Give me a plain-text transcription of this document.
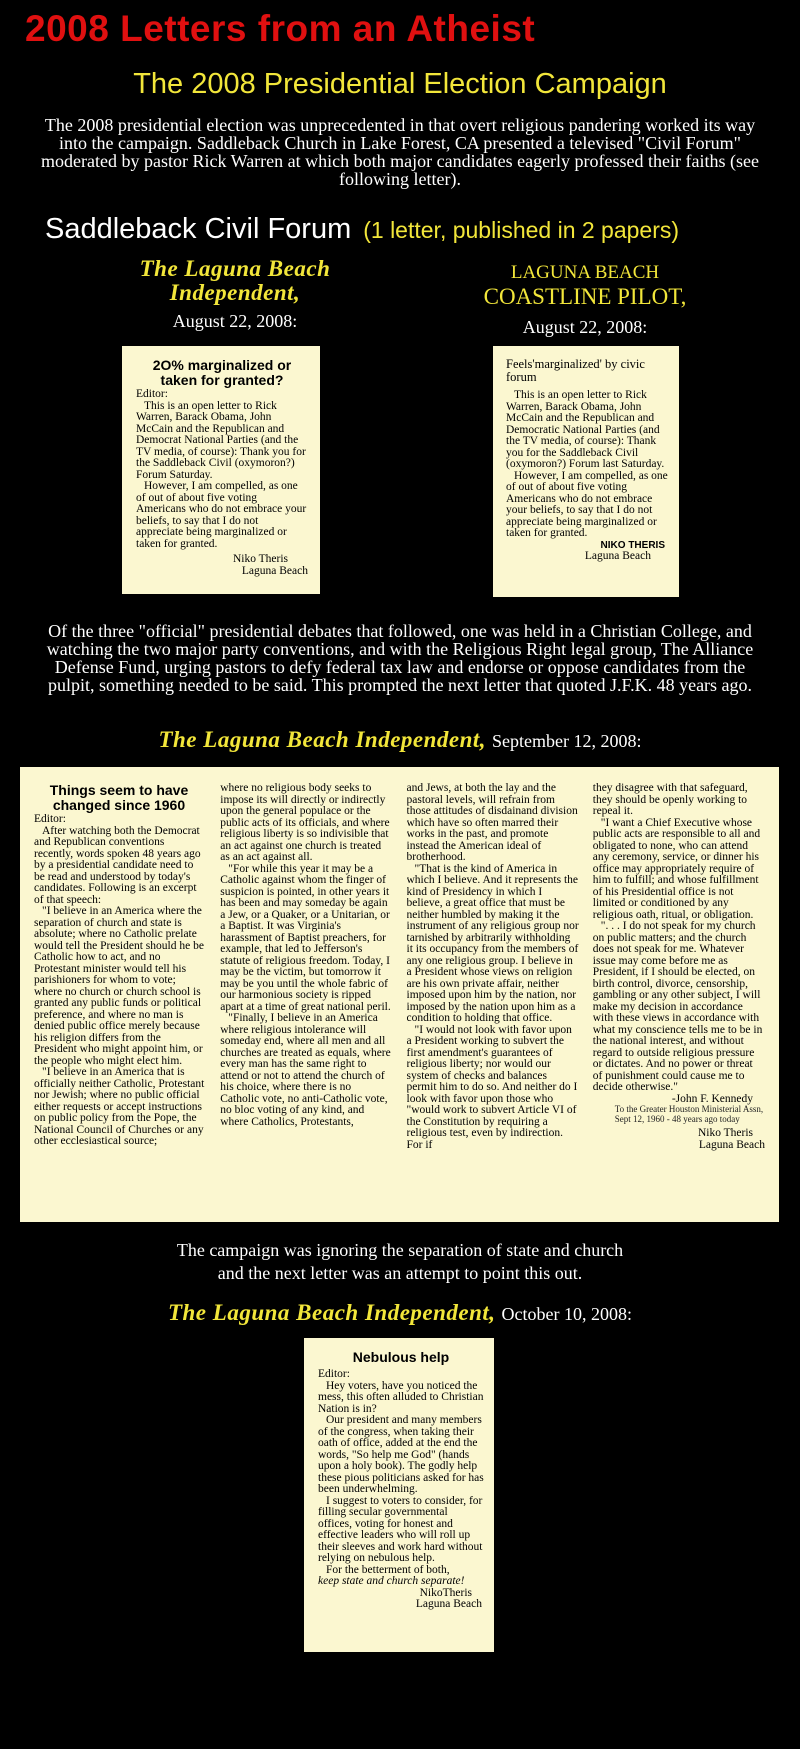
2008 Letters from an Atheist
The 2008 Presidential Election Campaign
The 2008 presidential election was unprecedented in that overt religious pandering worked its way into the campaign. Saddleback Church in Lake Forest, CA presented a televised "Civil Forum" moderated by pastor Rick Warren at which both major candidates eagerly professed their faiths (see following letter).
Saddleback Civil Forum (1 letter, published in 2 papers)
The Laguna Beach
Independent,
August 22, 2008:
2O% marginalized or taken for granted?

Editor:

This is an open letter to Rick Warren, Barack Obama, John McCain and the Republican and Democrat National Parties (and the TV media, of course): Thank you for the Saddleback Civil (oxymoron?) Forum Saturday.

However, I am compelled, as one of out of about five voting Americans who do not embrace your beliefs, to say that I do not appreciate being marginalized or taken for granted.

Niko Theris

Laguna Beach

LAGUNA BEACH
COASTLINE PILOT,
August 22, 2008:

Feels'marginalized' by civic forum

This is an open letter to Rick Warren, Barack Obama, John McCain and the Republican and Democratic National Parties (and the TV media, of course): Thank you for the Saddleback Civil (oxymoron?) Forum last Saturday.

However, I am compelled, as one of out of about five voting Americans who do not embrace your beliefs, to say that I do not appreciate being marginalized or taken for granted.

NIKO THERIS

Laguna Beach

Of the three "official" presidential debates that followed, one was held in a Christian College, and watching the two major party conventions, and with the Religious Right legal group, The Alliance Defense Fund, urging pastors to defy federal tax law and endorse or oppose candidates from the pulpit, something needed to be said. This prompted the next letter that quoted J.F.K. 48 years ago.
The Laguna Beach Independent, September 12, 2008:
Things seem to have changed since 1960

Editor:

After watching both the Democrat and Republican conventions recently, words spoken 48 years ago by a presidential candidate need to be read and understood by today's candidates. Following is an excerpt of that speech:

"I believe in an America where the separation of church and state is absolute; where no Catholic prelate would tell the President should he be Catholic how to act, and no Protestant minister would tell his parishioners for whom to vote; where no church or church school is granted any public funds or political preference, and where no man is denied public office merely because his religion differs from the President who might appoint him, or the people who might elect him.

"I believe in an America that is officially neither Catholic, Protestant nor Jewish; where no public official either requests or accept instructions on public policy from the Pope, the National Council of Churches or any other ecclesiastical source;

where no religious body seeks to impose its will directly or indirectly upon the general populace or the public acts of its officials, and where religious liberty is so indivisible that an act against one church is treated as an act against all.

"For while this year it may be a Catholic against whom the finger of suspicion is pointed, in other years it has been and may someday be again a Jew, or a Quaker, or a Unitarian, or a Baptist. It was Virginia's harassment of Baptist preachers, for example, that led to Jefferson's statute of religious freedom. Today, I may be the victim, but tomorrow it may be you until the whole fabric of our harmonious society is ripped apart at a time of great national peril.

"Finally, I believe in an America where religious intolerance will someday end, where all men and all churches are treated as equals, where every man has the same right to attend or not to attend the church of his choice, where there is no Catholic vote, no anti-Catholic vote, no bloc voting of any kind, and where Catholics, Protestants,

and Jews, at both the lay and the pastoral levels, will refrain from those attitudes of disdainand division which have so often marred their works in the past, and promote instead the American ideal of brotherhood.

"That is the kind of America in which I believe. And it represents the kind of Presidency in which I believe, a great office that must be neither humbled by making it the instrument of any religious group nor tarnished by arbitrarily withholding it its occupancy from the members of any one religious group. I believe in a President whose views on religion are his own private affair, neither imposed upon him by the nation, nor imposed by the nation upon him as a condition to holding that office.

"I would not look with favor upon a President working to subvert the first amendment's guarantees of religious liberty; nor would our system of checks and balances permit him to do so. And neither do I look with favor upon those who "would work to subvert Article VI of the Constitution by requiring a religious test, even by indirection. For if

they disagree with that safeguard, they should be openly working to repeal it.

"I want a Chief Executive whose public acts are responsible to all and obligated to none, who can attend any ceremony, service, or dinner his office may appropriately require of him to fulfill; and whose fulfillment of his Presidential office is not limited or conditioned by any religious oath, ritual, or obligation.

". . . I do not speak for my church on public matters; and the church does not speak for me. Whatever issue may come before me as President, if I should be elected, on birth control, divorce, censorship, gambling or any other subject, I will make my decision in accordance with these views in accordance with what my conscience tells me to be in the national interest, and without regard to outside religious pressure or dictates. And no power or threat of punishment could cause me to decide otherwise."

-John F. Kennedy

To the Greater Houston Ministerial Assn, Sept 12, 1960 - 48 years ago today

Niko Theris

Laguna Beach

The campaign was ignoring the separation of state and church
and the next letter was an attempt to point this out.
The Laguna Beach Independent, October 10, 2008:
Nebulous help

Editor:

Hey voters, have you noticed the mess, this often alluded to Christian Nation is in?

Our president and many members of the congress, when taking their oath of office, added at the end the words, "So help me God" (hands upon a holy book). The godly help these pious politicians asked for has been underwhelming.

I suggest to voters to consider, for filling secular governmental offices, voting for honest and effective leaders who will roll up their sleeves and work hard without relying on nebulous help.

For the betterment of both,

keep state and church separate!

NikoTheris

Laguna Beach
